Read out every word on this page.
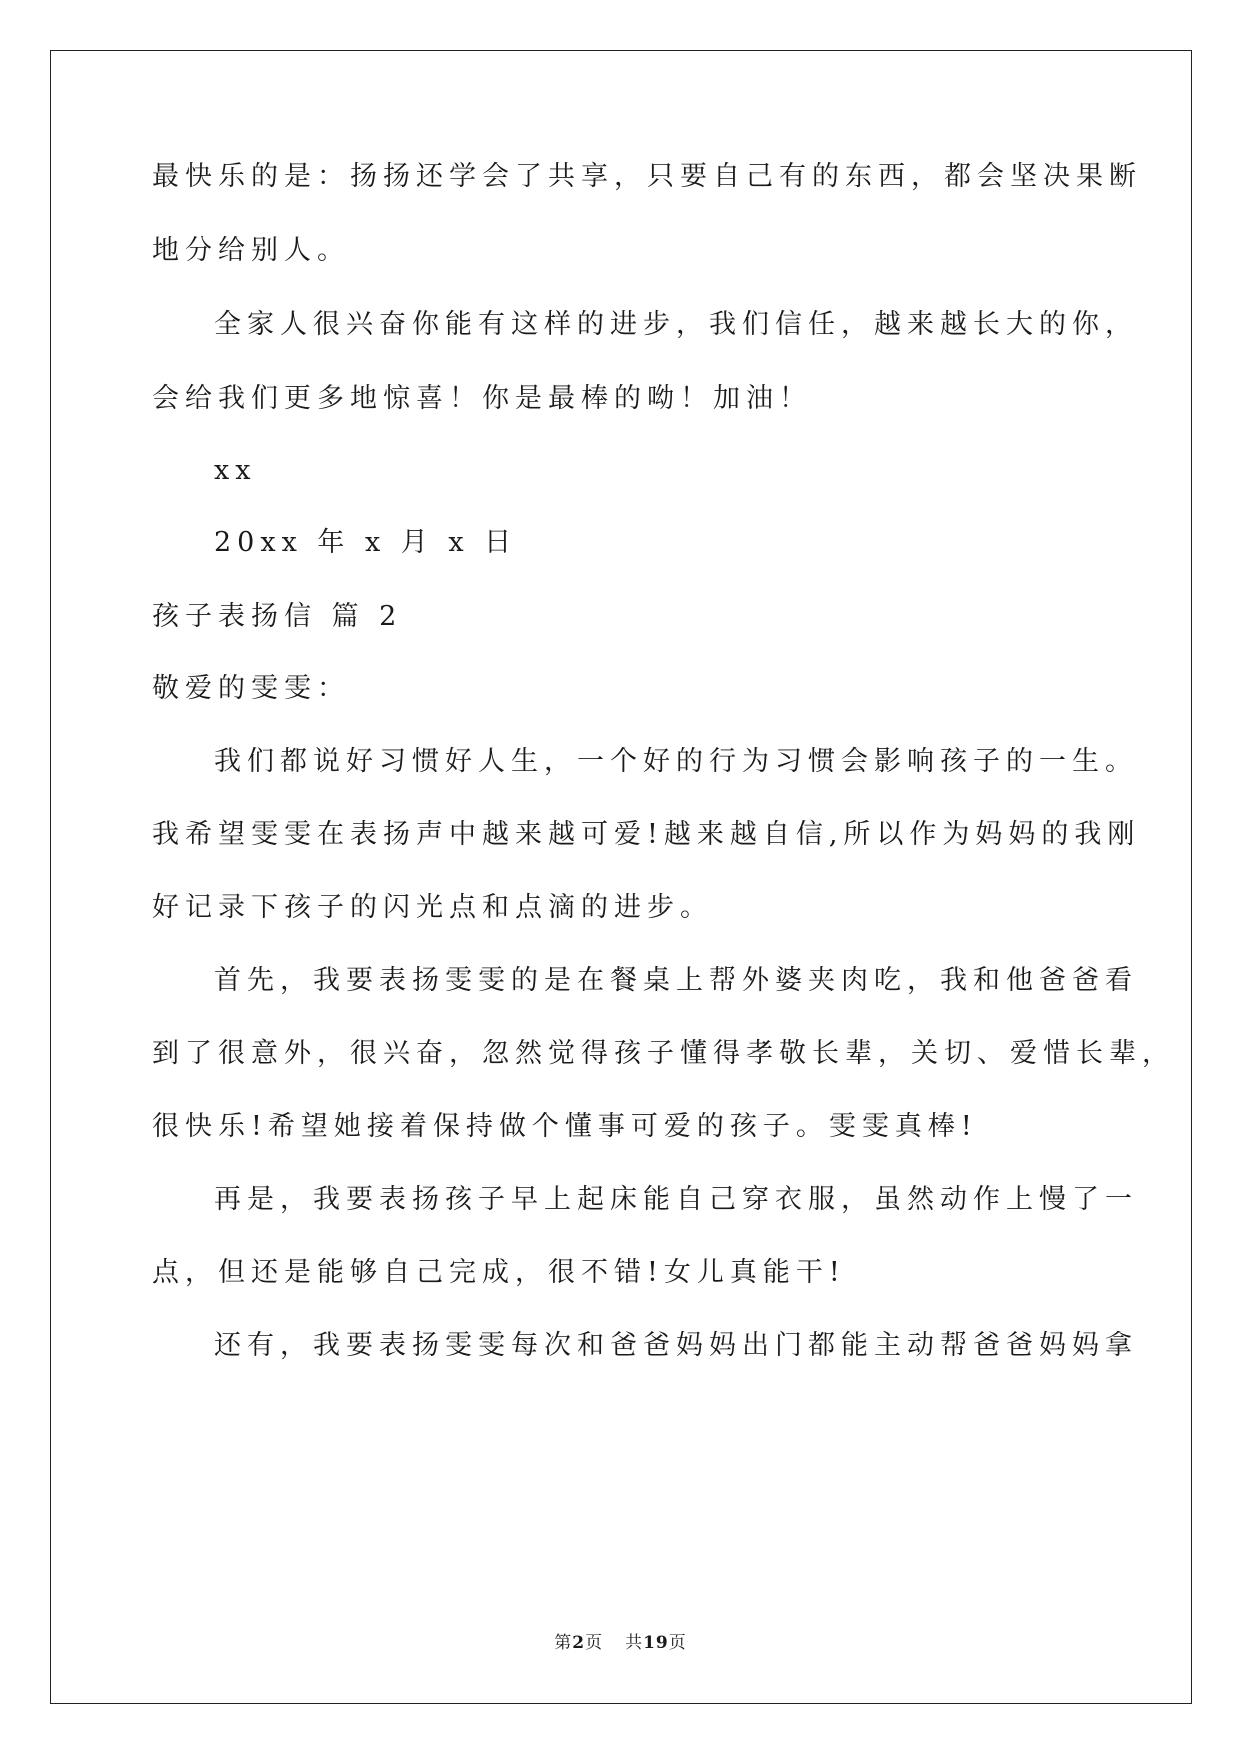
最快乐的是：扬扬还学会了共享，只要自己有的东西，都会坚决果断
地分给别人。
全家人很兴奋你能有这样的进步，我们信任，越来越长大的你，
会给我们更多地惊喜！你是最棒的呦！加油！
xx
20xx 年 x 月 x 日
孩子表扬信 篇 2
敬爱的雯雯：
我们都说好习惯好人生，一个好的行为习惯会影响孩子的一生。
我希望雯雯在表扬声中越来越可爱!越来越自信,所以作为妈妈的我刚
好记录下孩子的闪光点和点滴的进步。
首先，我要表扬雯雯的是在餐桌上帮外婆夹肉吃，我和他爸爸看
到了很意外，很兴奋，忽然觉得孩子懂得孝敬长辈，关切、爱惜长辈，
很快乐!希望她接着保持做个懂事可爱的孩子。雯雯真棒!
再是，我要表扬孩子早上起床能自己穿衣服，虽然动作上慢了一
点，但还是能够自己完成，很不错!女儿真能干!
还有，我要表扬雯雯每次和爸爸妈妈出门都能主动帮爸爸妈妈拿
第2页 共19页
